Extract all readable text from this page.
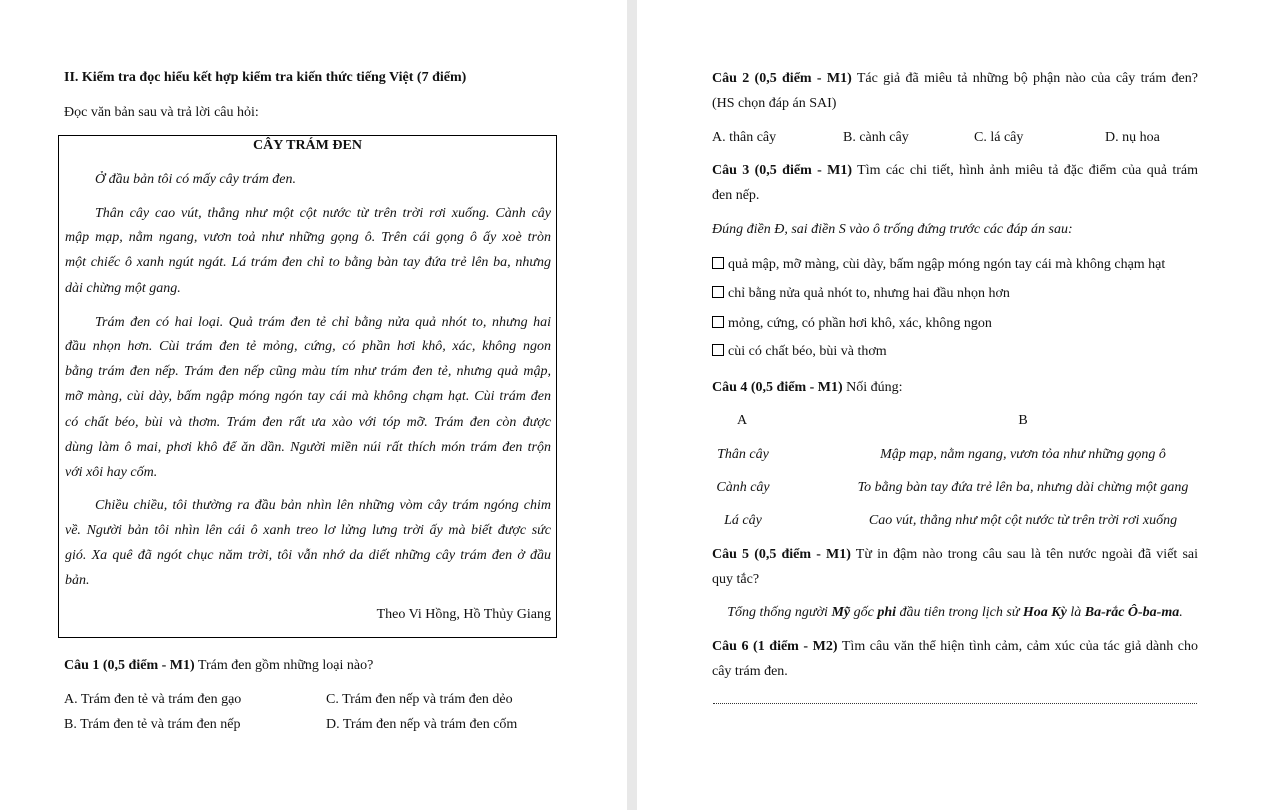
II. Kiểm tra đọc hiểu kết hợp kiểm tra kiến thức tiếng Việt (7 điểm)
Đọc văn bản sau và trả lời câu hỏi:
CÂY TRÁM ĐEN
Ở đầu bản tôi có mấy cây trám đen.
Thân cây cao vút, thẳng như một cột nước từ trên trời rơi xuống. Cành cây
mập mạp, nằm ngang, vươn toả như những gọng ô. Trên cái gọng ô ấy xoè tròn
một chiếc ô xanh ngút ngát. Lá trám đen chỉ to bằng bàn tay đứa trẻ lên ba, nhưng
dài chừng một gang.
Trám đen có hai loại. Quả trám đen tẻ chỉ bằng nửa quả nhót to, nhưng hai
đầu nhọn hơn. Cùi trám đen tẻ mỏng, cứng, có phần hơi khô, xác, không ngon
bằng trám đen nếp. Trám đen nếp cũng màu tím như trám đen tẻ, nhưng quả mập,
mỡ màng, cùi dày, bấm ngập móng ngón tay cái mà không chạm hạt. Cùi trám đen
có chất béo, bùi và thơm. Trám đen rất ưa xào với tóp mỡ. Trám đen còn được
dùng làm ô mai, phơi khô để ăn dần. Người miền núi rất thích món trám đen trộn
với xôi hay cốm.
Chiều chiều, tôi thường ra đầu bản nhìn lên những vòm cây trám ngóng chim
về. Người bản tôi nhìn lên cái ô xanh treo lơ lửng lưng trời ấy mà biết được sức
gió. Xa quê đã ngót chục năm trời, tôi vẫn nhớ da diết những cây trám đen ở đầu
bản.
Theo Vi Hồng, Hồ Thủy Giang
Câu 1 (0,5 điểm - M1) Trám đen gồm những loại nào?
A. Trám đen tẻ và trám đen gạo	C. Trám đen nếp và trám đen dẻo
B. Trám đen tẻ và trám đen nếp	D. Trám đen nếp và trám đen cốm
Câu 2 (0,5 điểm - M1) Tác giả đã miêu tả những bộ phận nào của cây trám đen?
(HS chọn đáp án SAI)
A. thân cây	B. cành cây	C. lá cây	D. nụ hoa
Câu 3 (0,5 điểm - M1) Tìm các chi tiết, hình ảnh miêu tả đặc điểm của quả trám
đen nếp.
Đúng điền Đ, sai điền S vào ô trống đứng trước các đáp án sau:
quả mập, mỡ màng, cùi dày, bấm ngập móng ngón tay cái mà không chạm hạt
chỉ bằng nửa quả nhót to, nhưng hai đầu nhọn hơn
mỏng, cứng, có phần hơi khô, xác, không ngon
cùi có chất béo, bùi và thơm
Câu 4 (0,5 điểm - M1) Nối đúng:
A	B
Thân cây	Mập mạp, nằm ngang, vươn tỏa như những gọng ô
Cành cây	To bằng bàn tay đứa trẻ lên ba, nhưng dài chừng một gang
Lá cây	Cao vút, thẳng như một cột nước từ trên trời rơi xuống
Câu 5 (0,5 điểm - M1) Từ in đậm nào trong câu sau là tên nước ngoài đã viết sai
quy tắc?
Tổng thống người Mỹ gốc phi đầu tiên trong lịch sử Hoa Kỳ là Ba-rắc Ô-ba-ma.
Câu 6 (1 điểm - M2) Tìm câu văn thể hiện tình cảm, cảm xúc của tác giả dành cho
cây trám đen.
